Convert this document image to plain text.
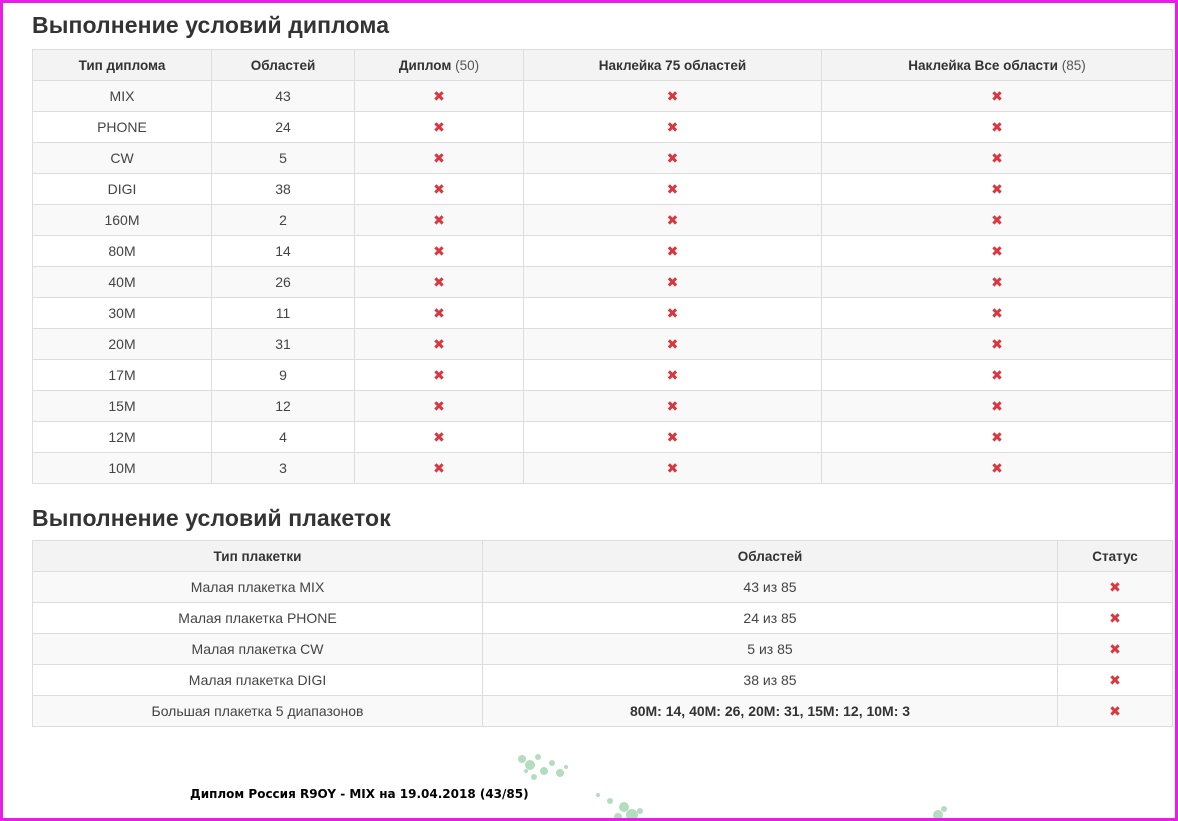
Выполнение условий диплома
Тип диплома	Областей	Диплом (50)	Наклейка 75 областей	Наклейка Все области (85)
MIX	43	✖	✖	✖
PHONE	24	✖	✖	✖
CW	5	✖	✖	✖
DIGI	38	✖	✖	✖
160M	2	✖	✖	✖
80M	14	✖	✖	✖
40M	26	✖	✖	✖
30M	11	✖	✖	✖
20M	31	✖	✖	✖
17M	9	✖	✖	✖
15M	12	✖	✖	✖
12M	4	✖	✖	✖
10M	3	✖	✖	✖
Выполнение условий плакеток
Тип плакетки	Областей	Статус
Малая плакетка MIX	43 из 85	✖
Малая плакетка PHONE	24 из 85	✖
Малая плакетка CW	5 из 85	✖
Малая плакетка DIGI	38 из 85	✖
Большая плакетка 5 диапазонов	80M: 14, 40M: 26, 20M: 31, 15M: 12, 10M: 3	✖
Диплом Россия R9OY - MIX на 19.04.2018 (43/85)
